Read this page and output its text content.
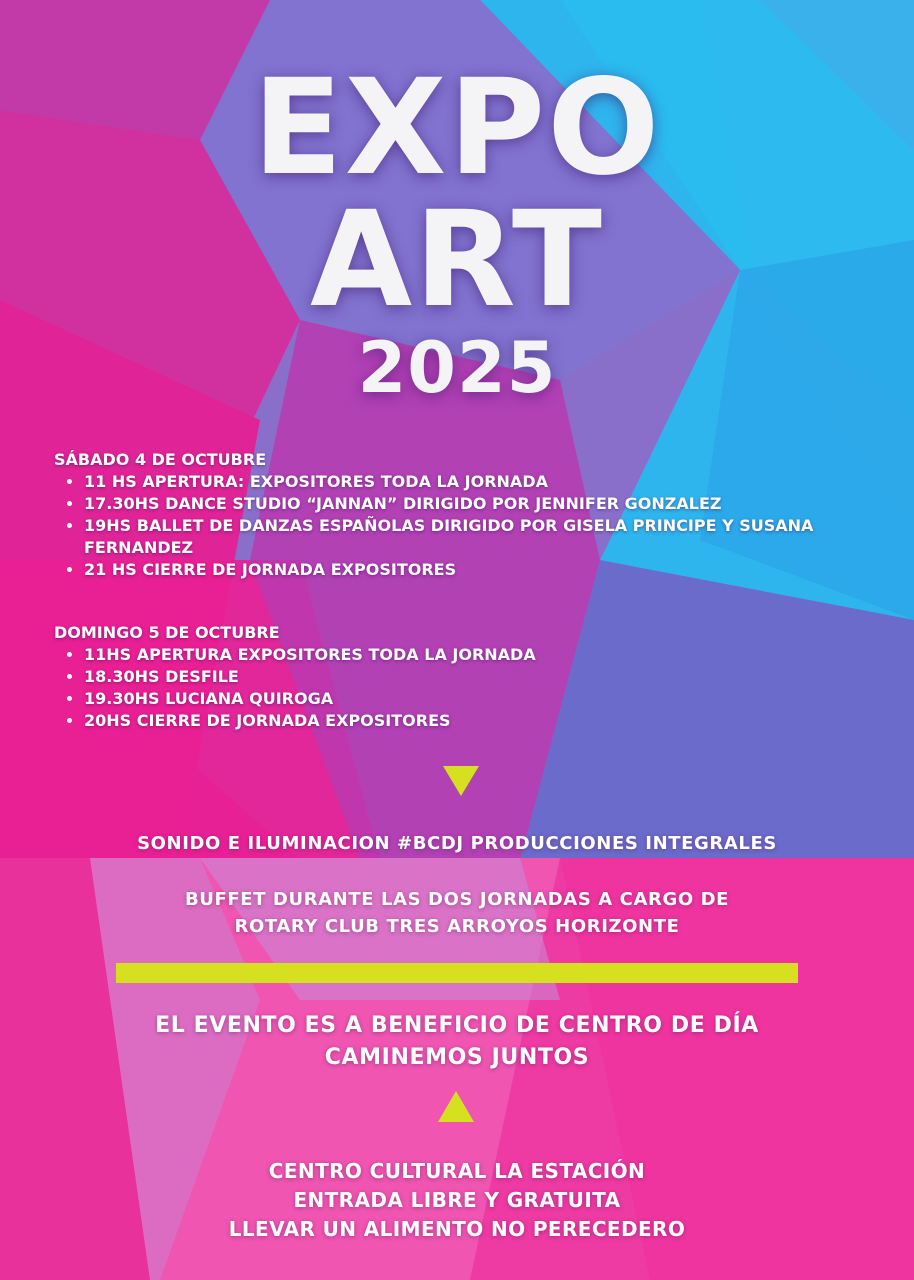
EXPO
ART
2025

SÁBADO 4 DE OCTUBRE

• 11 HS APERTURA: EXPOSITORES TODA LA JORNADA
• 17.30HS DANCE STUDIO “JANNAN” DIRIGIDO POR JENNIFER GONZALEZ
• 19HS BALLET DE DANZAS ESPAÑOLAS DIRIGIDO POR GISELA PRINCIPE Y SUSANA FERNANDEZ
• 21 HS CIERRE DE JORNADA EXPOSITORES

DOMINGO 5 DE OCTUBRE

• 11HS APERTURA EXPOSITORES TODA LA JORNADA
• 18.30HS DESFILE
• 19.30HS LUCIANA QUIROGA
• 20HS CIERRE DE JORNADA EXPOSITORES
SONIDO E ILUMINACION #BCDJ PRODUCCIONES INTEGRALES
BUFFET DURANTE LAS DOS JORNADAS A CARGO DE
ROTARY CLUB TRES ARROYOS HORIZONTE
EL EVENTO ES A BENEFICIO DE CENTRO DE DÍA
CAMINEMOS JUNTOS
CENTRO CULTURAL LA ESTACIÓN
ENTRADA LIBRE Y GRATUITA
LLEVAR UN ALIMENTO NO PERECEDERO
